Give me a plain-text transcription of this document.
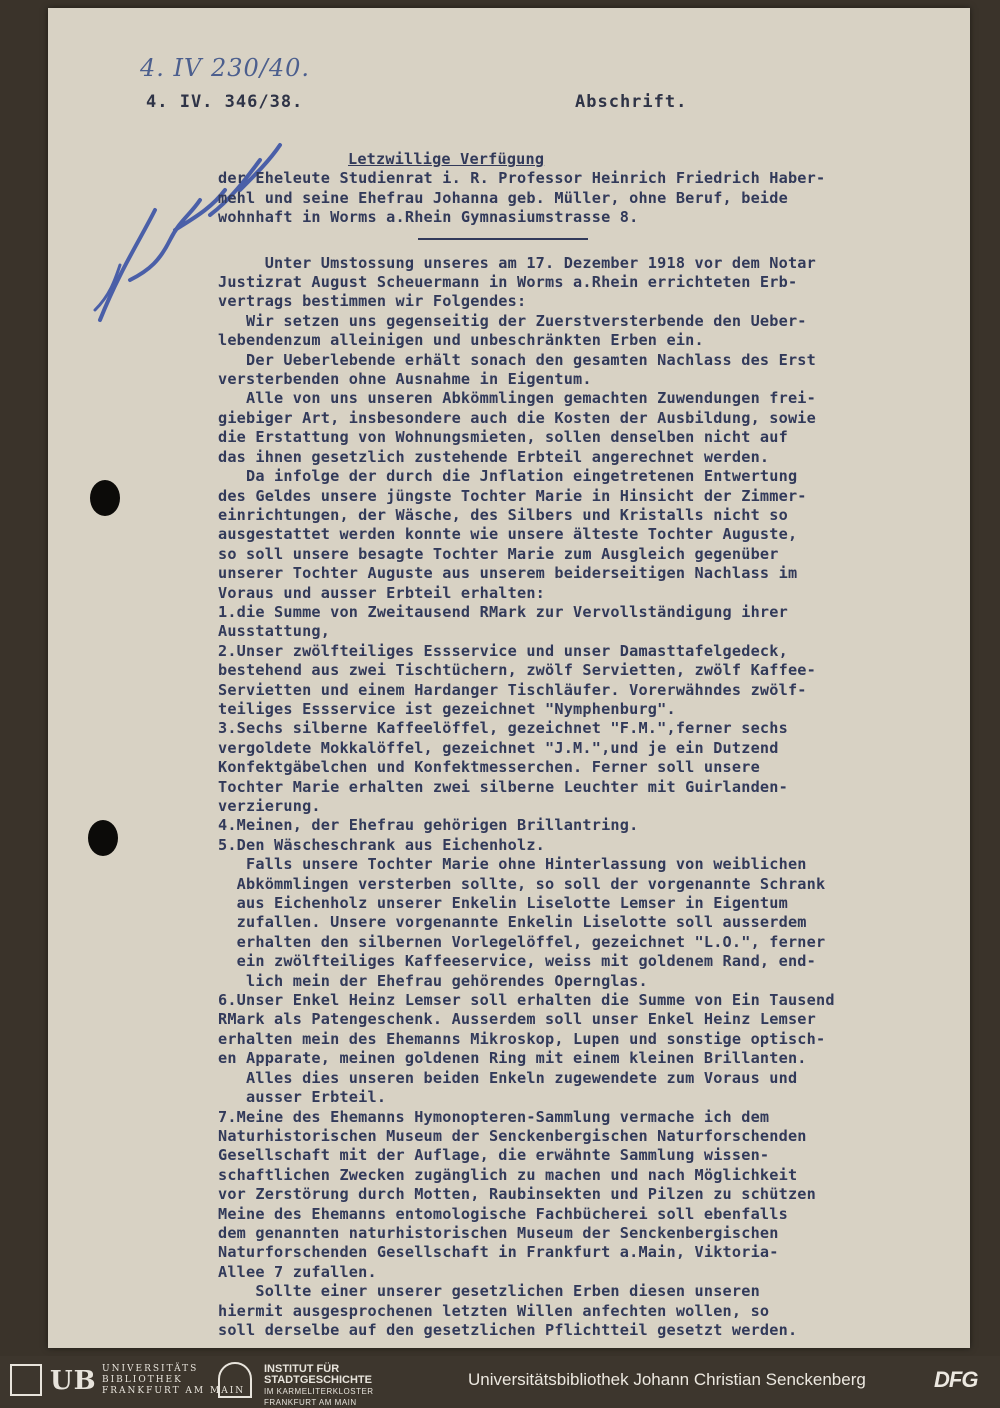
4. IV 230/40.
4. IV. 346/38.	Abschrift.

Letzwillige Verfügung

der Eheleute Studienrat i. R. Professor Heinrich Friedrich Haber-

mehl und seine Ehefrau Johanna geb. Müller, ohne Beruf, beide

wohnhaft in Worms a.Rhein Gymnasiumstrasse 8.

Unter Umstossung unseres am 17. Dezember 1918 vor dem Notar

Justizrat August Scheuermann in Worms a.Rhein errichteten Erb-

vertrags bestimmen wir Folgendes:

Wir setzen uns gegenseitig der Zuerstversterbende den Ueber-

lebendenzum alleinigen und unbeschränkten Erben ein.

Der Ueberlebende erhält sonach den gesamten Nachlass des Erst

versterbenden ohne Ausnahme in Eigentum.

Alle von uns unseren Abkömmlingen gemachten Zuwendungen frei-

giebiger Art, insbesondere auch die Kosten der Ausbildung, sowie

die Erstattung von Wohnungsmieten, sollen denselben nicht auf

das ihnen gesetzlich zustehende Erbteil angerechnet werden.

Da infolge der durch die Jnflation eingetretenen Entwertung

des Geldes unsere jüngste Tochter Marie in Hinsicht der Zimmer-

einrichtungen, der Wäsche, des Silbers und Kristalls nicht so

ausgestattet werden konnte wie unsere älteste Tochter Auguste,

so soll unsere besagte Tochter Marie zum Ausgleich gegenüber

unserer Tochter Auguste aus unserem beiderseitigen Nachlass im

Voraus und ausser Erbteil erhalten:

1.die Summe von Zweitausend RMark zur Vervollständigung ihrer

Ausstattung,

2.Unser zwölfteiliges Essservice und unser Damasttafelgedeck,

bestehend aus zwei Tischtüchern, zwölf Servietten, zwölf Kaffee-

Servietten und einem Hardanger Tischläufer. Vorerwähndes zwölf-

teiliges Essservice ist gezeichnet "Nymphenburg".

3.Sechs silberne Kaffeelöffel, gezeichnet "F.M.",ferner sechs

vergoldete Mokkalöffel, gezeichnet "J.M.",und je ein Dutzend

Konfektgäbelchen und Konfektmesserchen. Ferner soll unsere

Tochter Marie erhalten zwei silberne Leuchter mit Guirlanden-

verzierung.

4.Meinen, der Ehefrau gehörigen Brillantring.

5.Den Wäscheschrank aus Eichenholz.

Falls unsere Tochter Marie ohne Hinterlassung von weiblichen

Abkömmlingen versterben sollte, so soll der vorgenannte Schrank

aus Eichenholz unserer Enkelin Liselotte Lemser in Eigentum

zufallen. Unsere vorgenannte Enkelin Liselotte soll ausserdem

erhalten den silbernen Vorlegelöffel, gezeichnet "L.O.", ferner

ein zwölfteiliges Kaffeeservice, weiss mit goldenem Rand, end-

lich mein der Ehefrau gehörendes Opernglas.

6.Unser Enkel Heinz Lemser soll erhalten die Summe von Ein Tausend

RMark als Patengeschenk. Ausserdem soll unser Enkel Heinz Lemser

erhalten mein des Ehemanns Mikroskop, Lupen und sonstige optisch-

en Apparate, meinen goldenen Ring mit einem kleinen Brillanten.

Alles dies unseren beiden Enkeln zugewendete zum Voraus und

ausser Erbteil.

7.Meine des Ehemanns Hymonopteren-Sammlung vermache ich dem

Naturhistorischen Museum der Senckenbergischen Naturforschenden

Gesellschaft mit der Auflage, die erwähnte Sammlung wissen-

schaftlichen Zwecken zugänglich zu machen und nach Möglichkeit

vor Zerstörung durch Motten, Raubinsekten und Pilzen zu schützen

Meine des Ehemanns entomologische Fachbücherei soll ebenfalls

dem genannten naturhistorischen Museum der Senckenbergischen

Naturforschenden Gesellschaft in Frankfurt a.Main, Viktoria-

Allee 7 zufallen.

Sollte einer unserer gesetzlichen Erben diesen unseren

hiermit ausgesprochenen letzten Willen anfechten wollen, so

soll derselbe auf den gesetzlichen Pflichtteil gesetzt werden.

UB UNIVERSITÄTS
BIBLIOTHEK
FRANKFURT AM MAIN
INSTITUT FÜR
STADTGESCHICHTE
IM KARMELITERKLOSTER
FRANKFURT AM MAIN
Universitätsbibliothek Johann Christian Senckenberg	DFG
